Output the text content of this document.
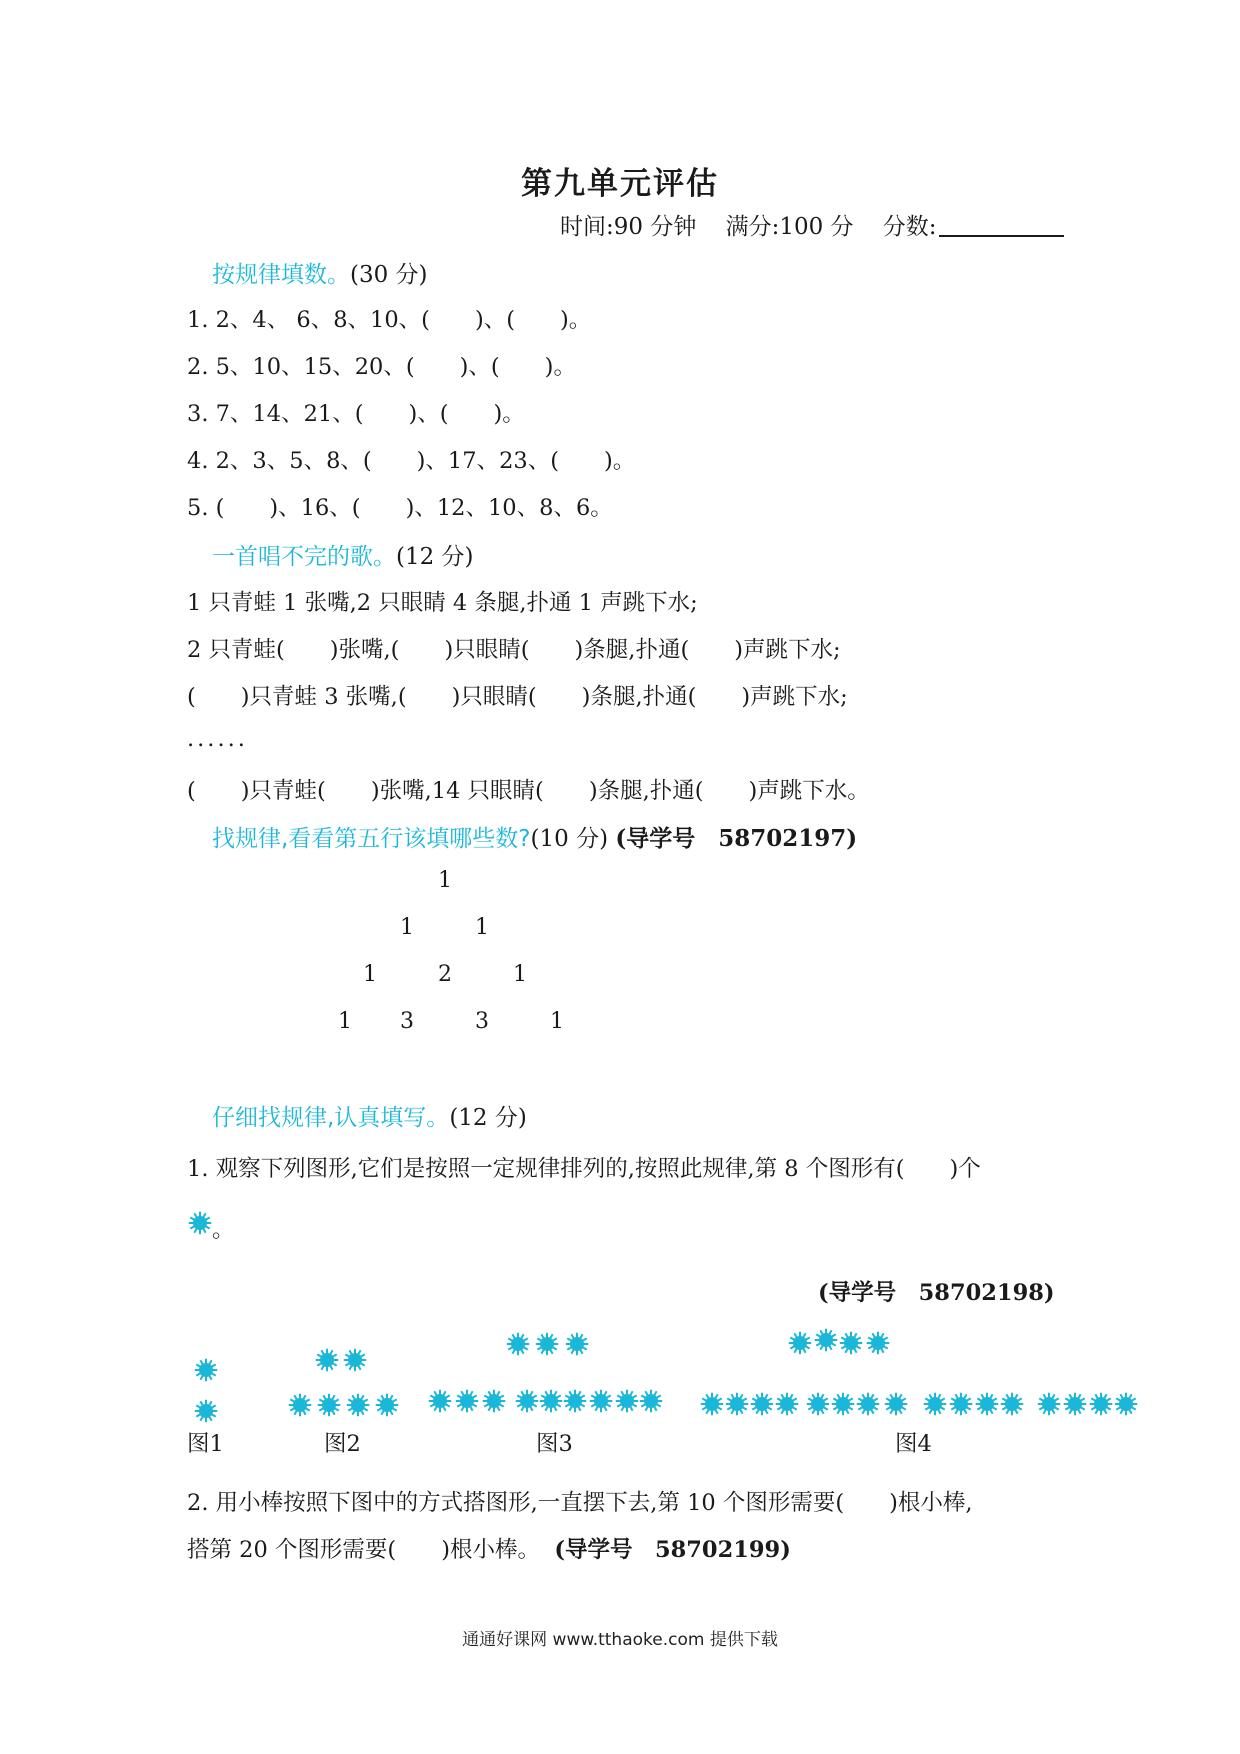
第九单元评估
时间:90 分钟 满分:100 分 分数:
按规律填数。(30 分)
1. 2、4、 6、8、10、(　　)、(　　)。
2. 5、10、15、20、(　　)、(　　)。
3. 7、14、21、(　　)、(　　)。
4. 2、3、5、8、(　　)、17、23、(　　)。
5. (　　)、16、(　　)、12、10、8、6。
一首唱不完的歌。(12 分)
1 只青蛙 1 张嘴,2 只眼睛 4 条腿,扑通 1 声跳下水;
2 只青蛙(　　)张嘴,(　　)只眼睛(　　)条腿,扑通(　　)声跳下水;
(　　)只青蛙 3 张嘴,(　　)只眼睛(　　)条腿,扑通(　　)声跳下水;
......
(　　)只青蛙(　　)张嘴,14 只眼睛(　　)条腿,扑通(　　)声跳下水。
找规律,看看第五行该填哪些数?(10 分) (导学号　58702197)
1
1	1
1	2	1
1 3	3	1
仔细找规律,认真填写。(12 分)
1. 观察下列图形,它们是按照一定规律排列的,按照此规律,第 8 个图形有(　　)个
。
(导学号　58702198)
图1	图2	图3	图4
2. 用小棒按照下图中的方式搭图形,一直摆下去,第 10 个图形需要(　　)根小棒,
搭第 20 个图形需要(　　)根小棒。 (导学号　58702199)
通通好课网 www.tthaoke.com 提供下载
